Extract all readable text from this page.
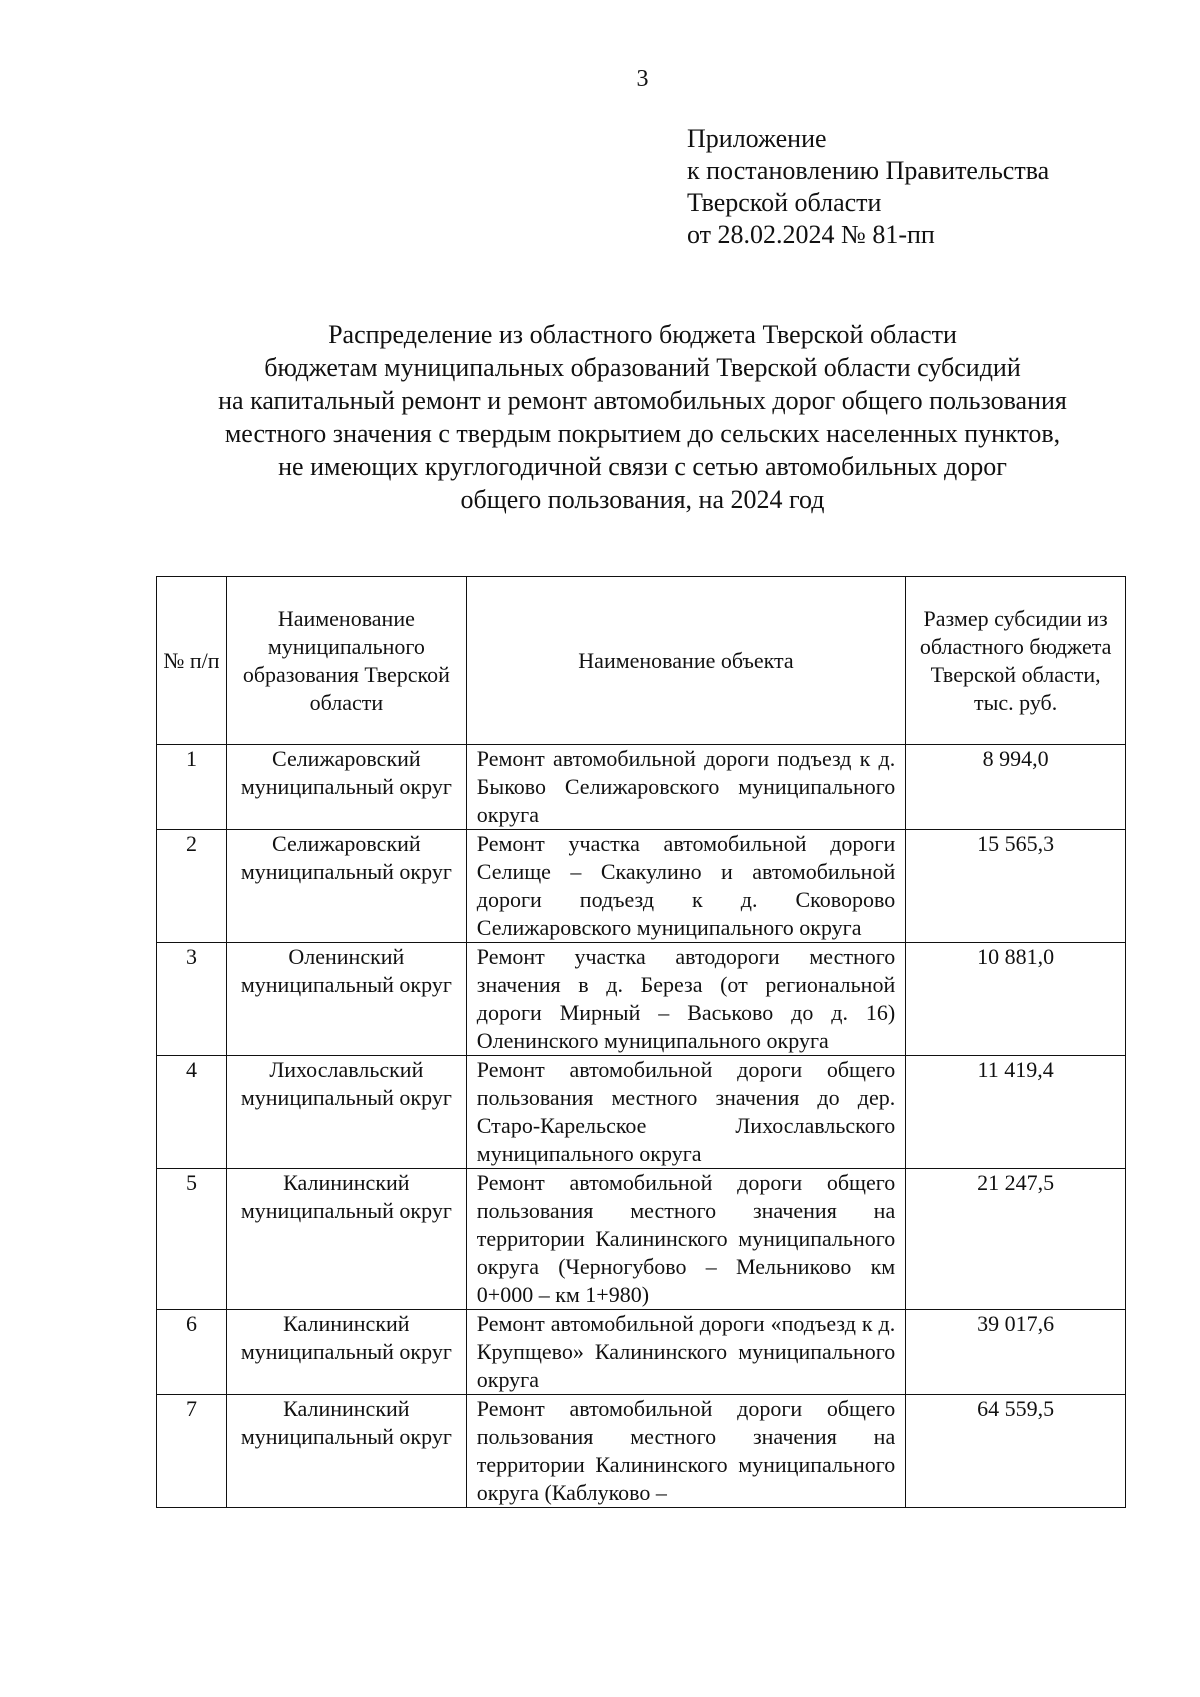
3
Приложение
к постановлению Правительства
Тверской области
от 28.02.2024 № 81-пп
Распределение из областного бюджета Тверской области
бюджетам муниципальных образований Тверской области субсидий
на капитальный ремонт и ремонт автомобильных дорог общего пользования
местного значения с твердым покрытием до сельских населенных пунктов,
не имеющих круглогодичной связи с сетью автомобильных дорог
общего пользования, на 2024 год
№ п/п	Наименование муниципального образования Тверской области	Наименование объекта	Размер субсидии из областного бюджета Тверской области, тыс. руб.
1	Селижаровский муниципальный округ	Ремонт автомобильной дороги подъезд к д. Быково Селижаровского муниципального округа	8 994,0
2	Селижаровский муниципальный округ	Ремонт участка автомобильной дороги Селище – Скакулино и автомобильной дороги подъезд к д. Сковорово Селижаровского муниципального округа	15 565,3
3	Оленинский муниципальный округ	Ремонт участка автодороги местного значения в д. Береза (от региональной дороги Мирный – Васьково до д. 16) Оленинского муниципального округа	10 881,0
4	Лихославльский муниципальный округ	Ремонт автомобильной дороги общего пользования местного значения до дер. Старо-Карельское Лихославльского муниципального округа	11 419,4
5	Калининский муниципальный округ	Ремонт автомобильной дороги общего пользования местного значения на территории Калининского муниципального округа (Черногубово – Мельниково км 0+000 – км 1+980)	21 247,5
6	Калининский муниципальный округ	Ремонт автомобильной дороги «подъезд к д. Крупщево» Калининского муниципального округа	39 017,6
7	Калининский муниципальный округ	Ремонт автомобильной дороги общего пользования местного значения на территории Калининского муниципального округа (Каблуково –	64 559,5
